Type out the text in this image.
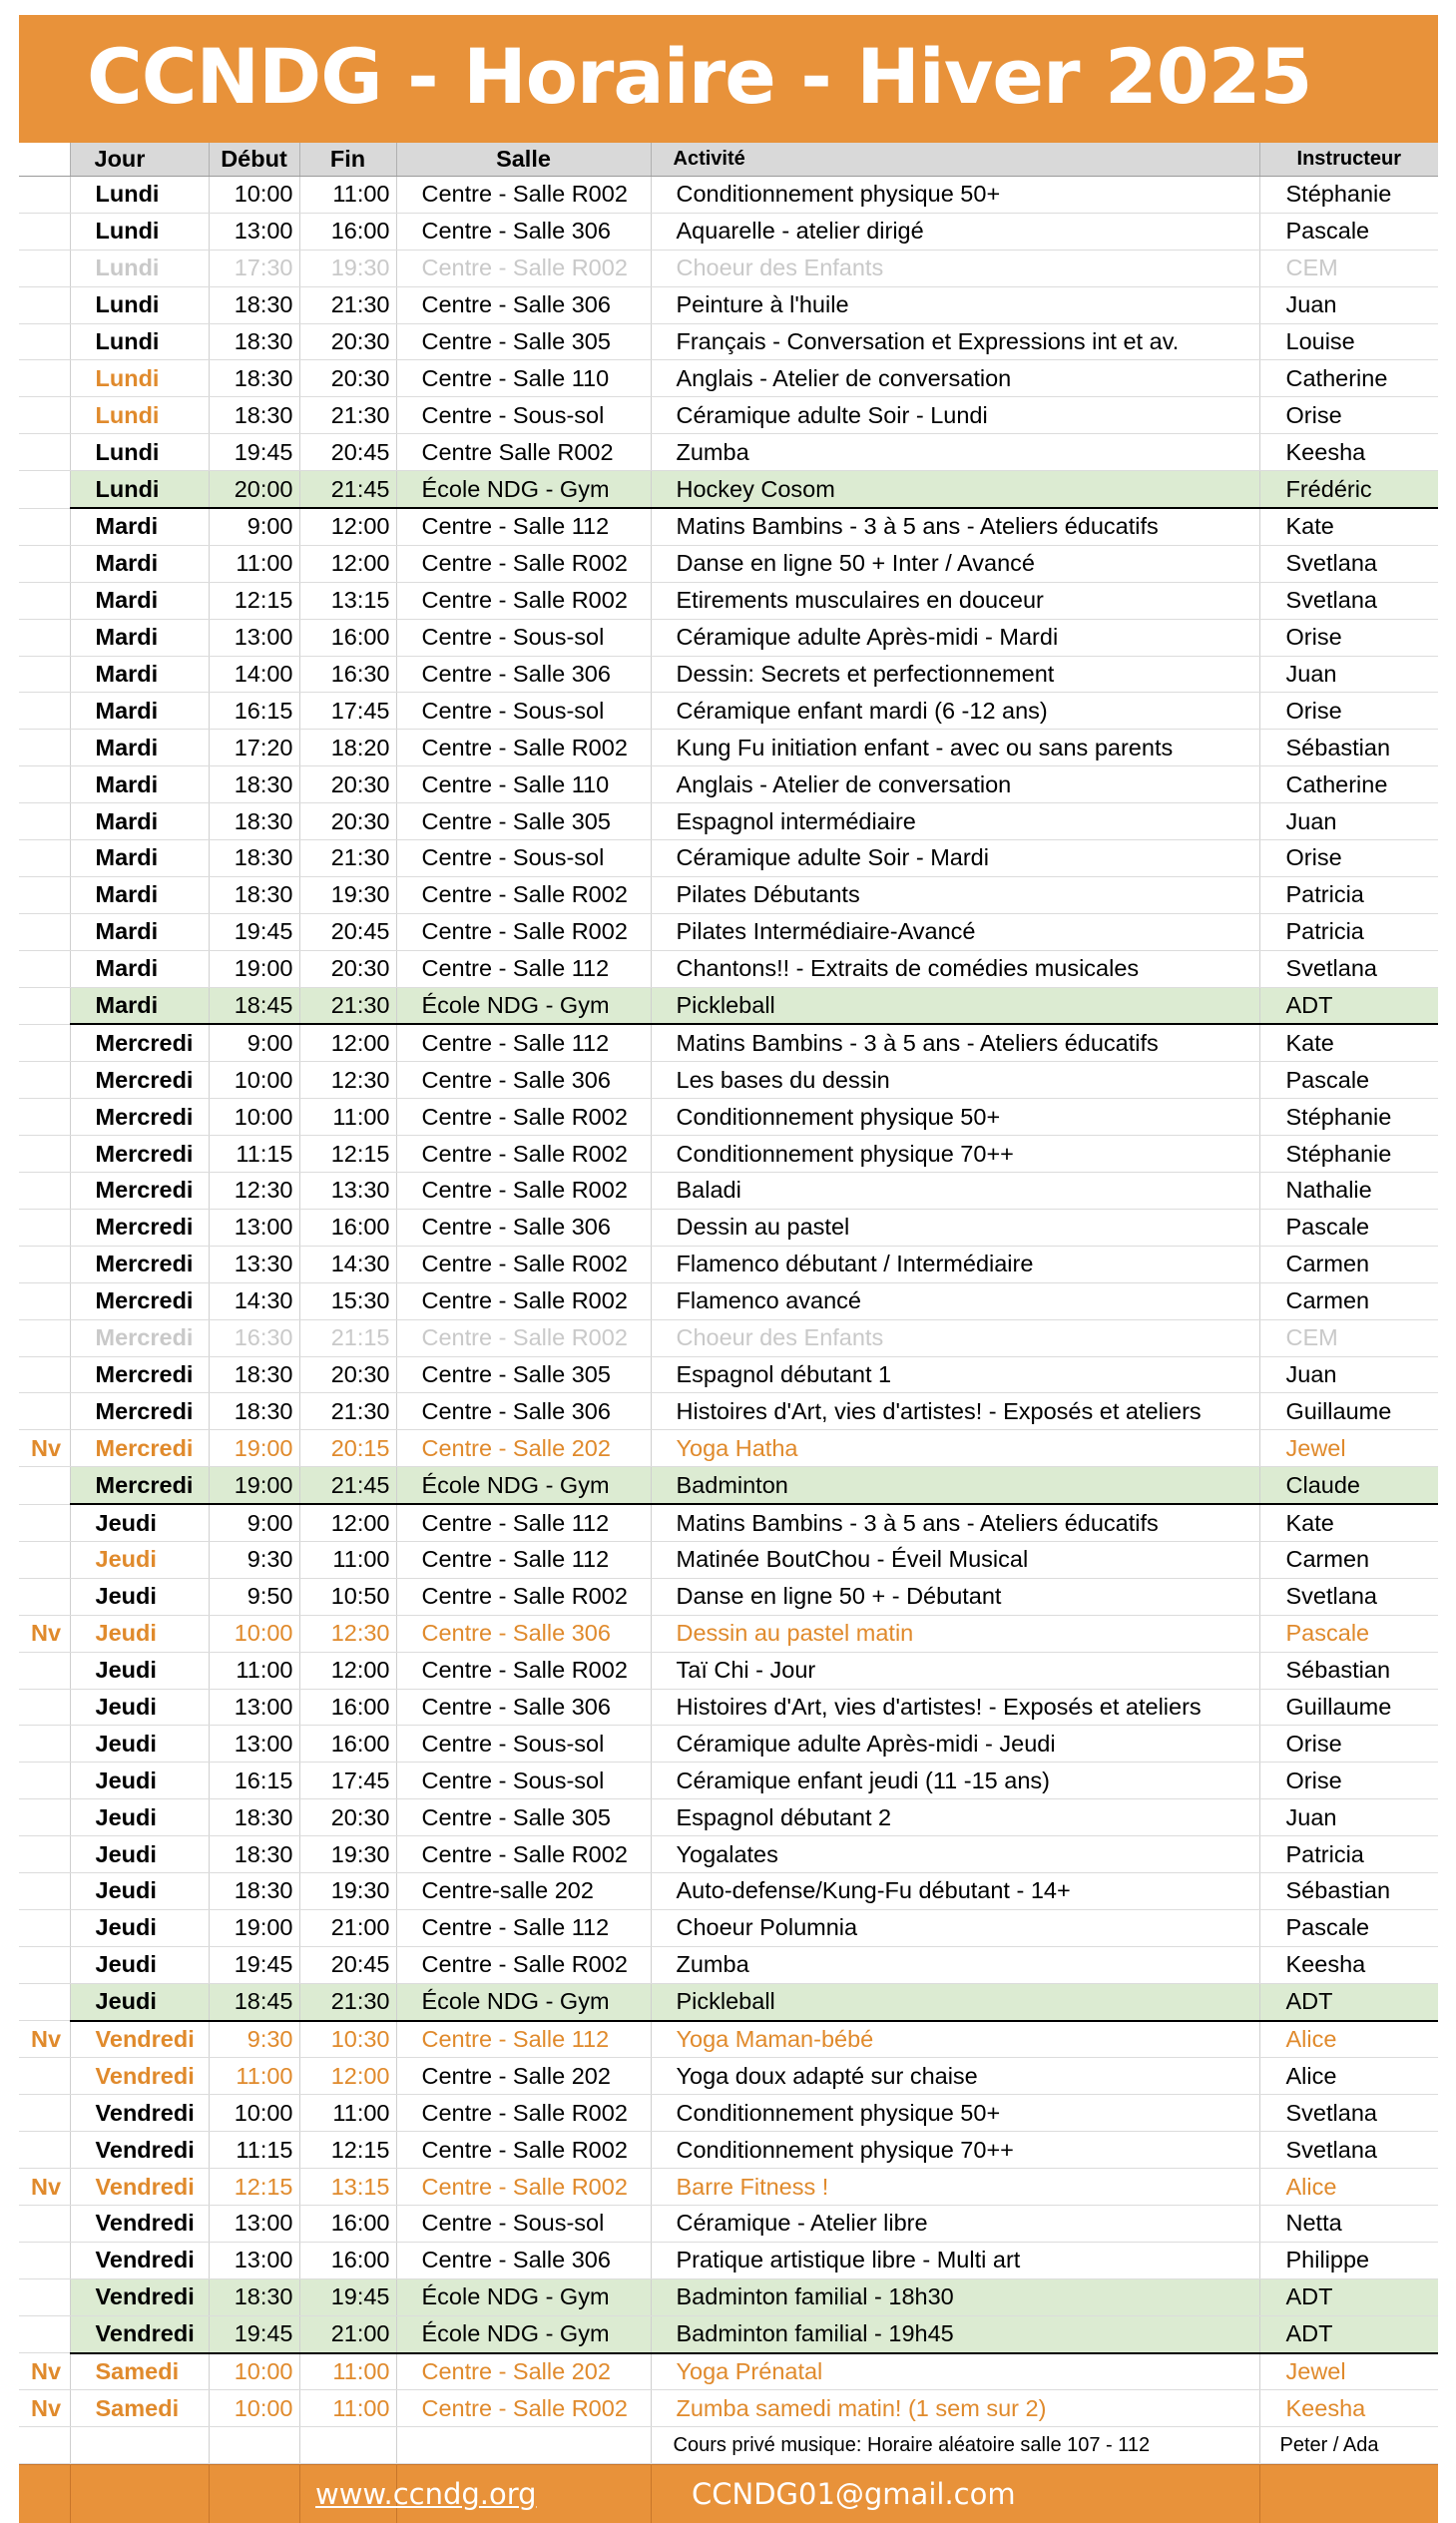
CCNDG - Horaire - Hiver 2025
	Jour	Début	Fin	Salle	Activité	Instructeur
	Lundi	10:00	11:00	Centre - Salle R002	Conditionnement physique 50+	Stéphanie
	Lundi	13:00	16:00	Centre - Salle 306	Aquarelle - atelier dirigé	Pascale
	Lundi	17:30	19:30	Centre - Salle R002	Choeur des Enfants	CEM
	Lundi	18:30	21:30	Centre - Salle 306	Peinture à l'huile	Juan
	Lundi	18:30	20:30	Centre - Salle 305	Français - Conversation et Expressions int et av.	Louise
	Lundi	18:30	20:30	Centre - Salle 110	Anglais - Atelier de conversation	Catherine
	Lundi	18:30	21:30	Centre - Sous-sol	Céramique adulte Soir - Lundi	Orise
	Lundi	19:45	20:45	Centre Salle R002	Zumba	Keesha
	Lundi	20:00	21:45	École NDG - Gym	Hockey Cosom	Frédéric
	Mardi	9:00	12:00	Centre - Salle 112	Matins Bambins - 3 à 5 ans - Ateliers éducatifs	Kate
	Mardi	11:00	12:00	Centre - Salle R002	Danse en ligne 50 + Inter / Avancé	Svetlana
	Mardi	12:15	13:15	Centre - Salle R002	Etirements musculaires en douceur	Svetlana
	Mardi	13:00	16:00	Centre - Sous-sol	Céramique adulte Après-midi - Mardi	Orise
	Mardi	14:00	16:30	Centre - Salle 306	Dessin: Secrets et perfectionnement	Juan
	Mardi	16:15	17:45	Centre - Sous-sol	Céramique enfant mardi (6 -12 ans)	Orise
	Mardi	17:20	18:20	Centre - Salle R002	Kung Fu initiation enfant - avec ou sans parents	Sébastian
	Mardi	18:30	20:30	Centre - Salle 110	Anglais - Atelier de conversation	Catherine
	Mardi	18:30	20:30	Centre - Salle 305	Espagnol intermédiaire	Juan
	Mardi	18:30	21:30	Centre - Sous-sol	Céramique adulte Soir - Mardi	Orise
	Mardi	18:30	19:30	Centre - Salle R002	Pilates Débutants	Patricia
	Mardi	19:45	20:45	Centre - Salle R002	Pilates Intermédiaire-Avancé	Patricia
	Mardi	19:00	20:30	Centre - Salle 112	Chantons!! - Extraits de comédies musicales	Svetlana
	Mardi	18:45	21:30	École NDG - Gym	Pickleball	ADT
	Mercredi	9:00	12:00	Centre - Salle 112	Matins Bambins - 3 à 5 ans - Ateliers éducatifs	Kate
	Mercredi	10:00	12:30	Centre - Salle 306	Les bases du dessin	Pascale
	Mercredi	10:00	11:00	Centre - Salle R002	Conditionnement physique 50+	Stéphanie
	Mercredi	11:15	12:15	Centre - Salle R002	Conditionnement physique 70++	Stéphanie
	Mercredi	12:30	13:30	Centre - Salle R002	Baladi	Nathalie
	Mercredi	13:00	16:00	Centre - Salle 306	Dessin au pastel	Pascale
	Mercredi	13:30	14:30	Centre - Salle R002	Flamenco débutant / Intermédiaire	Carmen
	Mercredi	14:30	15:30	Centre - Salle R002	Flamenco avancé	Carmen
	Mercredi	16:30	21:15	Centre - Salle R002	Choeur des Enfants	CEM
	Mercredi	18:30	20:30	Centre - Salle 305	Espagnol débutant 1	Juan
	Mercredi	18:30	21:30	Centre - Salle 306	Histoires d'Art, vies d'artistes! - Exposés et ateliers	Guillaume
Nv	Mercredi	19:00	20:15	Centre - Salle 202	Yoga Hatha	Jewel
	Mercredi	19:00	21:45	École NDG - Gym	Badminton	Claude
	Jeudi	9:00	12:00	Centre - Salle 112	Matins Bambins - 3 à 5 ans - Ateliers éducatifs	Kate
	Jeudi	9:30	11:00	Centre - Salle 112	Matinée BoutChou - Éveil Musical	Carmen
	Jeudi	9:50	10:50	Centre - Salle R002	Danse en ligne 50 + - Débutant	Svetlana
Nv	Jeudi	10:00	12:30	Centre - Salle 306	Dessin au pastel matin	Pascale
	Jeudi	11:00	12:00	Centre - Salle R002	Taï Chi - Jour	Sébastian
	Jeudi	13:00	16:00	Centre - Salle 306	Histoires d'Art, vies d'artistes! - Exposés et ateliers	Guillaume
	Jeudi	13:00	16:00	Centre - Sous-sol	Céramique adulte Après-midi - Jeudi	Orise
	Jeudi	16:15	17:45	Centre - Sous-sol	Céramique enfant jeudi (11 -15 ans)	Orise
	Jeudi	18:30	20:30	Centre - Salle 305	Espagnol débutant 2	Juan
	Jeudi	18:30	19:30	Centre - Salle R002	Yogalates	Patricia
	Jeudi	18:30	19:30	Centre-salle 202	Auto-defense/Kung-Fu débutant - 14+	Sébastian
	Jeudi	19:00	21:00	Centre - Salle 112	Choeur Polumnia	Pascale
	Jeudi	19:45	20:45	Centre - Salle R002	Zumba	Keesha
	Jeudi	18:45	21:30	École NDG - Gym	Pickleball	ADT
Nv	Vendredi	9:30	10:30	Centre - Salle 112	Yoga Maman-bébé	Alice
	Vendredi	11:00	12:00	Centre - Salle 202	Yoga doux adapté sur chaise	Alice
	Vendredi	10:00	11:00	Centre - Salle R002	Conditionnement physique 50+	Svetlana
	Vendredi	11:15	12:15	Centre - Salle R002	Conditionnement physique 70++	Svetlana
Nv	Vendredi	12:15	13:15	Centre - Salle R002	Barre Fitness !	Alice
	Vendredi	13:00	16:00	Centre - Sous-sol	Céramique - Atelier libre	Netta
	Vendredi	13:00	16:00	Centre - Salle 306	Pratique artistique libre - Multi art	Philippe
	Vendredi	18:30	19:45	École NDG - Gym	Badminton familial - 18h30	ADT
	Vendredi	19:45	21:00	École NDG - Gym	Badminton familial - 19h45	ADT
Nv	Samedi	10:00	11:00	Centre - Salle 202	Yoga Prénatal	Jewel
Nv	Samedi	10:00	11:00	Centre - Salle R002	Zumba samedi matin! (1 sem sur 2)	Keesha
					Cours privé musique: Horaire aléatoire salle 107 - 112	Peter / Ada
www.ccndg.org	CCNDG01@gmail.com
